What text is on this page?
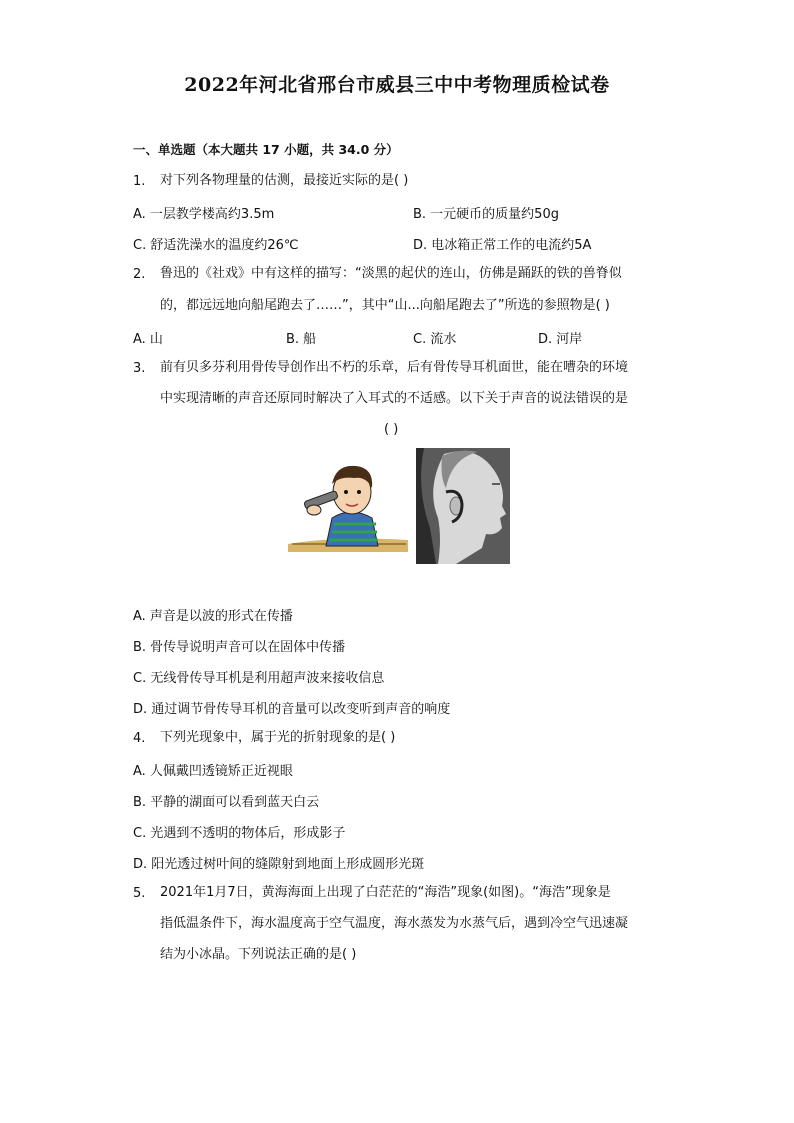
2022年河北省邢台市威县三中中考物理质检试卷
一、单选题（本大题共 17 小题，共 34.0 分）
1. 对下列各物理量的估测，最接近实际的是( )
A. 一层教学楼高约3.5m	B. 一元硬币的质量约50g
C. 舒适洗澡水的温度约26℃	D. 电冰箱正常工作的电流约5A
2. 鲁迅的《社戏》中有这样的描写：“淡黑的起伏的连山，仿佛是踊跃的铁的兽脊似
的，都远远地向船尾跑去了……”，其中“山...向船尾跑去了”所选的参照物是( )
A. 山	B. 船	C. 流水	D. 河岸
3. 前有贝多芬利用骨传导创作出不朽的乐章，后有骨传导耳机面世，能在嘈杂的环境
中实现清晰的声音还原同时解决了入耳式的不适感。以下关于声音的说法错误的是
( )
A. 声音是以波的形式在传播
B. 骨传导说明声音可以在固体中传播
C. 无线骨传导耳机是利用超声波来接收信息
D. 通过调节骨传导耳机的音量可以改变听到声音的响度
4. 下列光现象中，属于光的折射现象的是( )
A. 人佩戴凹透镜矫正近视眼
B. 平静的湖面可以看到蓝天白云
C. 光遇到不透明的物体后，形成影子
D. 阳光透过树叶间的缝隙射到地面上形成圆形光斑
5. 2021年1月7日，黄海海面上出现了白茫茫的“海浩”现象(如图)。“海浩”现象是
指低温条件下，海水温度高于空气温度，海水蒸发为水蒸气后，遇到冷空气迅速凝
结为小冰晶。下列说法正确的是( )
